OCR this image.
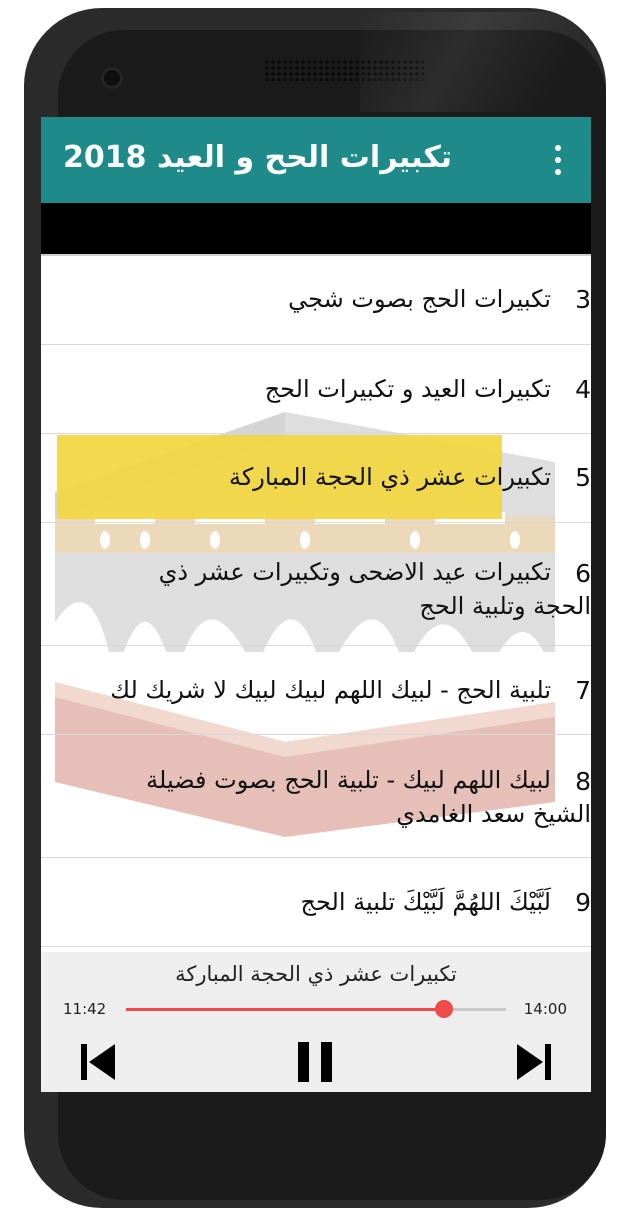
تكبيرات الحح و العيد 2018
3
تكبيرات الحج بصوت شجي
4
تكبيرات العيد و تكبيرات الحج
5
تكبيرات عشر ذي الحجة المباركة
6
تكبيرات عيد الاضحى وتكبيرات عشر ذي
الحجة وتلبية الحج
7
تلبية الحج - لبيك اللهم لبيك لبيك لا شريك لك
8
لبيك اللهم لبيك - تلبية الحج بصوت فضيلة
الشيخ سعد الغامدي
9
لَبَّيْكَ اللهُمَّ لَبَّيْكَ تلبية الحج
تكبيرات عشر ذي الحجة المباركة
11:42	14:00
